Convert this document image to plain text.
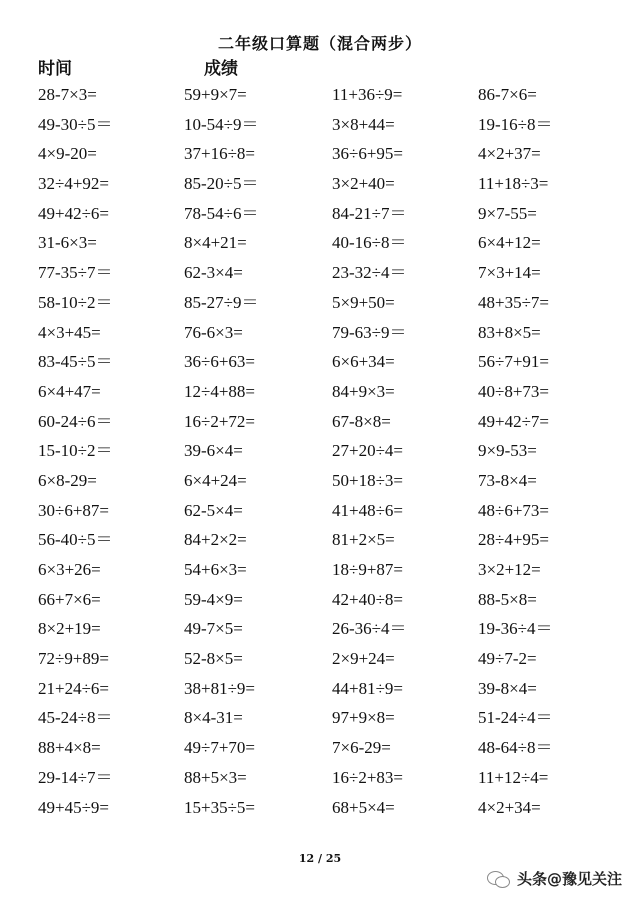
二年级口算题（混合两步）
时间	成绩
28-7×3=	59+9×7=	11+36÷9=	86-7×6=
49-30÷5＝	10-54÷9＝	3×8+44=	19-16÷8＝
4×9-20=	37+16÷8=	36÷6+95=	4×2+37=
32÷4+92=	85-20÷5＝	3×2+40=	11+18÷3=
49+42÷6=	78-54÷6＝	84-21÷7＝	9×7-55=
31-6×3=	8×4+21=	40-16÷8＝	6×4+12=
77-35÷7＝	62-3×4=	23-32÷4＝	7×3+14=
58-10÷2＝	85-27÷9＝	5×9+50=	48+35÷7=
4×3+45=	76-6×3=	79-63÷9＝	83+8×5=
83-45÷5＝	36÷6+63=	6×6+34=	56÷7+91=
6×4+47=	12÷4+88=	84+9×3=	40÷8+73=
60-24÷6＝	16÷2+72=	67-8×8=	49+42÷7=
15-10÷2＝	39-6×4=	27+20÷4=	9×9-53=
6×8-29=	6×4+24=	50+18÷3=	73-8×4=
30÷6+87=	62-5×4=	41+48÷6=	48÷6+73=
56-40÷5＝	84+2×2=	81+2×5=	28÷4+95=
6×3+26=	54+6×3=	18÷9+87=	3×2+12=
66+7×6=	59-4×9=	42+40÷8=	88-5×8=
8×2+19=	49-7×5=	26-36÷4＝	19-36÷4＝
72÷9+89=	52-8×5=	2×9+24=	49÷7-2=
21+24÷6=	38+81÷9=	44+81÷9=	39-8×4=
45-24÷8＝	8×4-31=	97+9×8=	51-24÷4＝
88+4×8=	49÷7+70=	7×6-29=	48-64÷8＝
29-14÷7＝	88+5×3=	16÷2+83=	11+12÷4=
49+45÷9=	15+35÷5=	68+5×4=	4×2+34=
12 / 25
头条@豫见关注
